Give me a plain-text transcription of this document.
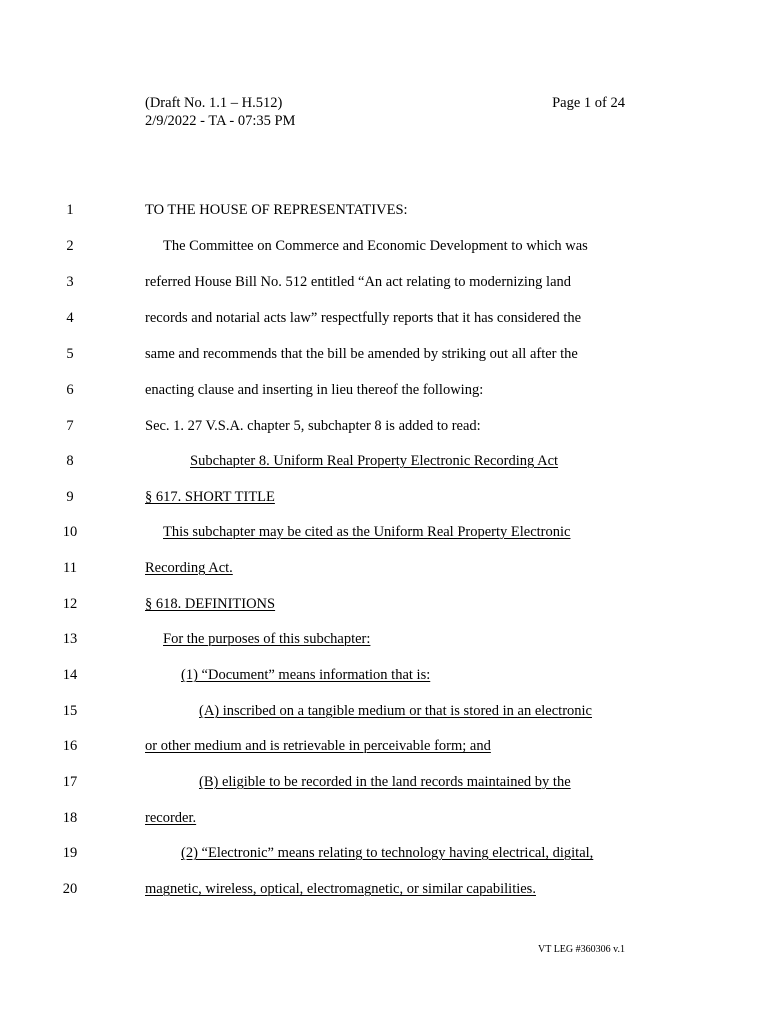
(Draft No. 1.1 – H.512)
2/9/2022 - TA - 07:35 PM
Page 1 of 24
1	TO THE HOUSE OF REPRESENTATIVES:
2	The Committee on Commerce and Economic Development to which was
3	referred House Bill No. 512 entitled “An act relating to modernizing land
4	records and notarial acts law” respectfully reports that it has considered the
5	same and recommends that the bill be amended by striking out all after the
6	enacting clause and inserting in lieu thereof the following:
7	Sec. 1. 27 V.S.A. chapter 5, subchapter 8 is added to read:
8	Subchapter 8. Uniform Real Property Electronic Recording Act
9	§ 617. SHORT TITLE
10	This subchapter may be cited as the Uniform Real Property Electronic
11	Recording Act.
12	§ 618. DEFINITIONS
13	For the purposes of this subchapter:
14	(1) “Document” means information that is:
15	(A) inscribed on a tangible medium or that is stored in an electronic
16	or other medium and is retrievable in perceivable form; and
17	(B) eligible to be recorded in the land records maintained by the
18	recorder.
19	(2) “Electronic” means relating to technology having electrical, digital,
20	magnetic, wireless, optical, electromagnetic, or similar capabilities.
VT LEG #360306 v.1
